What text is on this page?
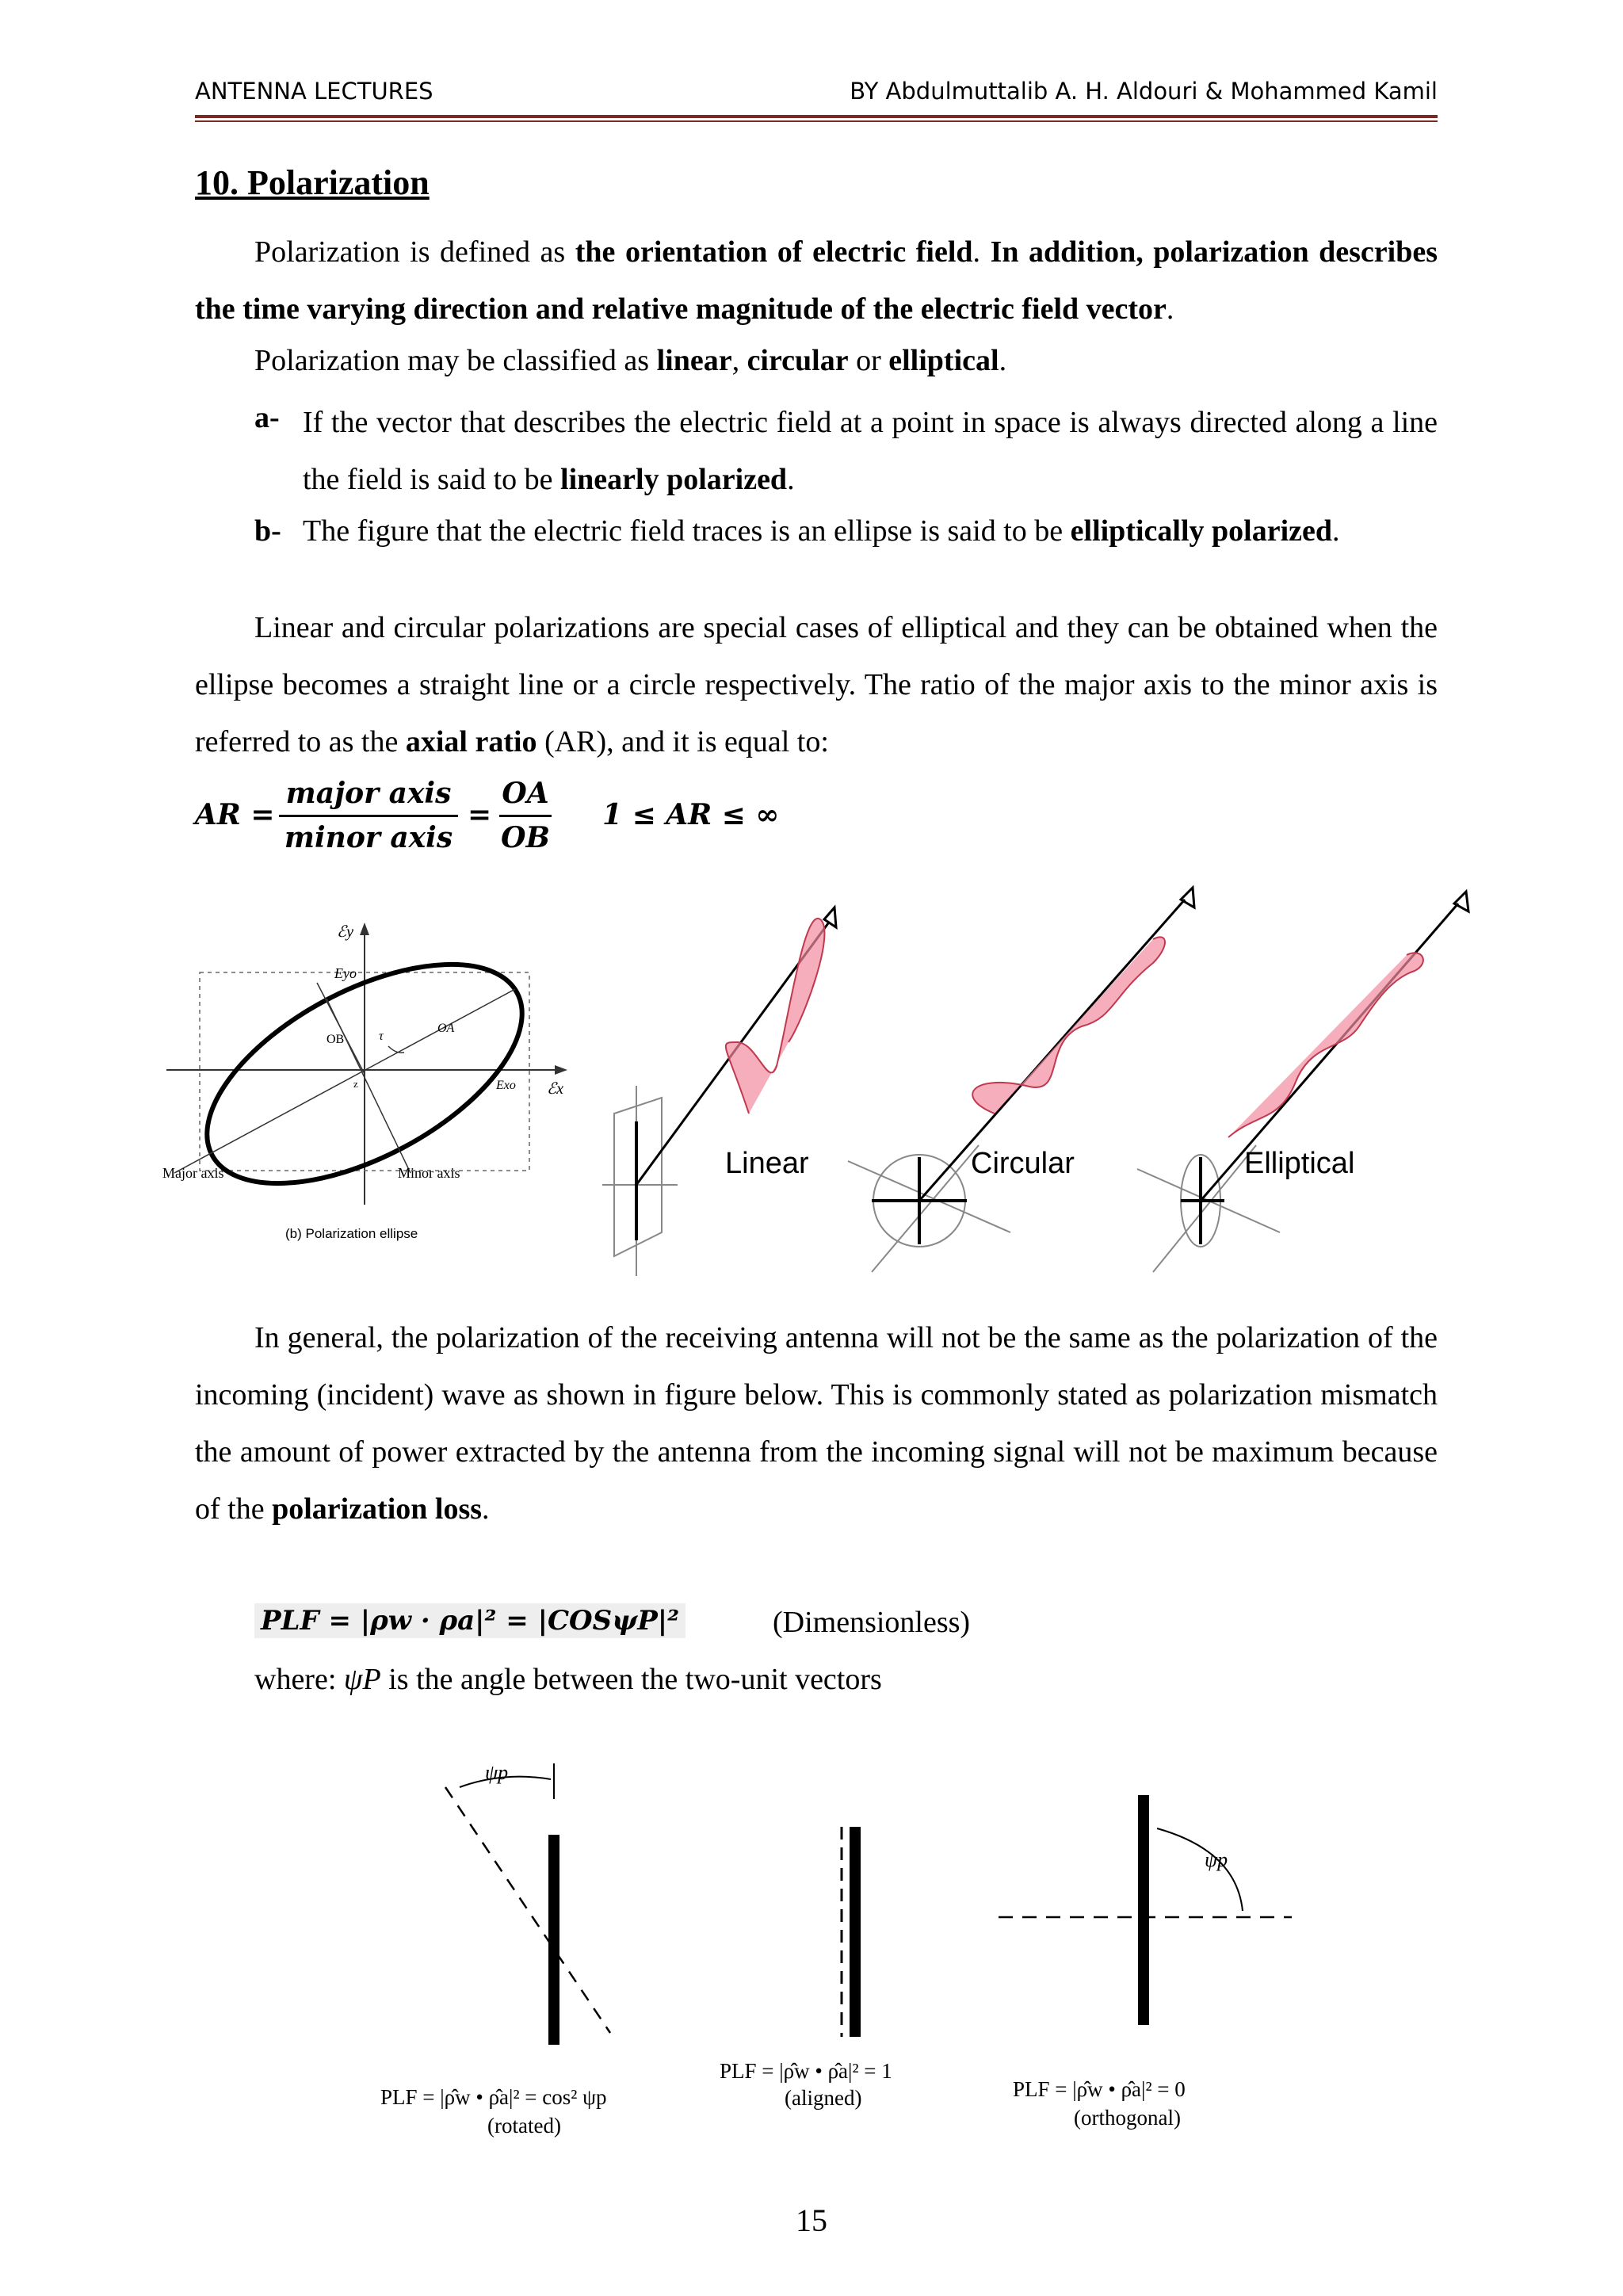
ANTENNA LECTURES	BY Abdulmuttalib A. H. Aldouri & Mohammed Kamil
10. Polarization
Polarization is defined as the orientation of electric field. In addition, polarization describes the time varying direction and relative magnitude of the electric field vector.
Polarization may be classified as linear, circular or elliptical.
a- If the vector that describes the electric field at a point in space is always directed along a line the field is said to be linearly polarized.
b- The figure that the electric field traces is an ellipse is said to be elliptically polarized.
Linear and circular polarizations are special cases of elliptical and they can be obtained when the ellipse becomes a straight line or a circle respectively. The ratio of the major axis to the minor axis is referred to as the axial ratio (AR), and it is equal to:
AR =
major axis
minor axis
=
OA
OB
1 ≤ AR ≤ ∞
ℰy
Eyo
OB	τ
OA
z	Exo ℰx
Major axis	Minor axis
(b) Polarization ellipse
Linear	Circular	Elliptical
In general, the polarization of the receiving antenna will not be the same as the polarization of the incoming (incident) wave as shown in figure below. This is commonly stated as polarization mismatch the amount of power extracted by the antenna from the incoming signal will not be maximum because of the polarization loss.
PLF = |ρw · ρa|² = |COSψP|²	(Dimensionless)
where: ψP is the angle between the two-unit vectors
ψp
PLF = |ρ̂w • ρ̂a|² = cos² ψp
(rotated)
PLF = |ρ̂w • ρ̂a|² = 1
(aligned)
ψp
PLF = |ρ̂w • ρ̂a|² = 0
(orthogonal)
15
